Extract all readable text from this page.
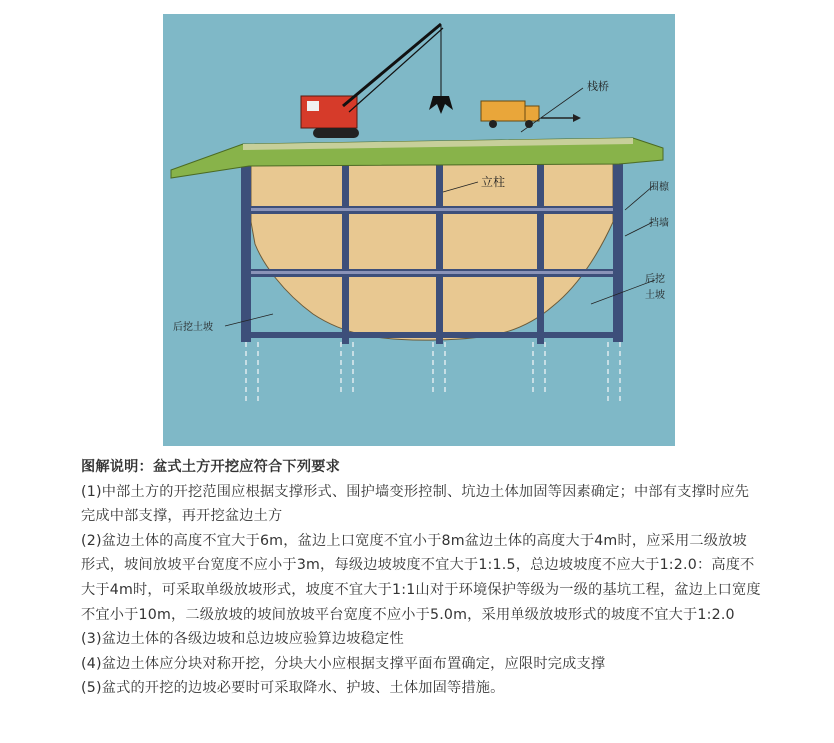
栈桥
立柱	围檩
挡墙
后挖
土坡
后挖土坡

图解说明：盆式土方开挖应符合下列要求

(1)中部土方的开挖范围应根据支撑形式、围护墙变形控制、坑边土体加固等因素确定；中部有支撑时应先完成中部支撑，再开挖盆边土方

(2)盆边土体的高度不宜大于6m，盆边上口宽度不宜小于8m盆边土体的高度大于4m时，应采用二级放坡形式，坡间放坡平台宽度不应小于3m，每级边坡坡度不宜大于1:1.5，总边坡坡度不应大于1:2.0：高度不大于4m时，可采取单级放坡形式，坡度不宜大于1:1山对于环境保护等级为一级的基坑工程，盆边上口宽度不宜小于10m，二级放坡的坡间放坡平台宽度不应小于5.0m，采用单级放坡形式的坡度不宜大于1:2.0

(3)盆边土体的各级边坡和总边坡应验算边坡稳定性

(4)盆边土体应分块对称开挖，分块大小应根据支撑平面布置确定，应限时完成支撑

(5)盆式的开挖的边坡必要时可采取降水、护坡、土体加固等措施。
